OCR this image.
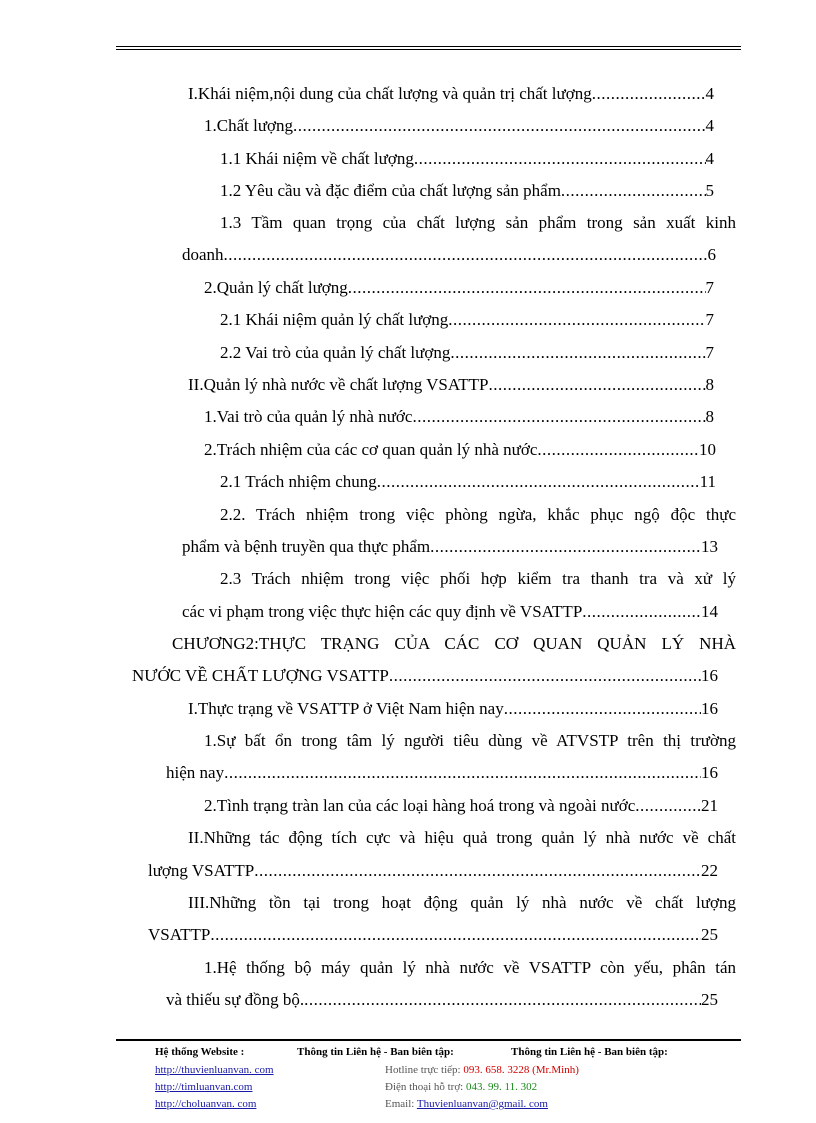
I.Khái niệm,nội dung của chất lượng và quản trị chất lượng .....	4
1.Chất lượng .....	4
1.1 Khái niệm về chất lượng .....	4
1.2 Yêu cầu và đặc điểm của chất lượng sản phẩm .....	5
1.3 Tầm quan trọng của chất lượng sản phẩm trong sản xuất kinh
doanh .....	6
2.Quản lý chất lượng .....	7
2.1 Khái niệm quản lý chất lượng .....	7
2.2 Vai trò của quản lý chất lượng .....	7
II.Quản lý nhà nước về chất lượng VSATTP .....	8
1.Vai trò của quản lý nhà nước .....	8
2.Trách nhiệm của các cơ quan quản lý nhà nước .....	10
2.1 Trách nhiệm chung .....	11
2.2. Trách nhiệm trong việc phòng ngừa, khắc phục ngộ độc thực
phẩm và bệnh truyền qua thực phẩm .....	13
2.3 Trách nhiệm trong việc phối hợp kiểm tra thanh tra và xử lý
các vi phạm trong việc thực hiện các quy định về VSATTP .....	14
CHƯƠNG2:THỰC TRẠNG CỦA CÁC CƠ QUAN QUẢN LÝ NHÀ
NƯỚC VỀ CHẤT LƯỢNG VSATTP .....	16
I.Thực trạng về VSATTP ở Việt Nam hiện nay .....	16
1.Sự bất ổn trong tâm lý người tiêu dùng về ATVSTP trên thị trường
hiện nay .....	16
2.Tình trạng tràn lan của các loại hàng hoá trong và ngoài nước .....	21
II.Những tác động tích cực và hiệu quả trong quản lý nhà nước về chất
lượng VSATTP .....	22
III.Những tồn tại trong hoạt động quản lý nhà nước về chất lượng
VSATTP .....	25
1.Hệ thống bộ máy quản lý nhà nước về VSATTP còn yếu, phân tán
và thiếu sự đồng bộ. .....	25
Hệ thống Website :
http://thuvienluanvan. com
http://timluanvan.com
http://choluanvan. com
Thông tin Liên hệ - Ban biên tập:	Thông tin Liên hệ - Ban biên tập:
Hotline trực tiếp: 093. 658. 3228 (Mr.Minh)
Điện thoại hỗ trợ: 043. 99. 11. 302
Email: Thuvienluanvan@gmail. com
